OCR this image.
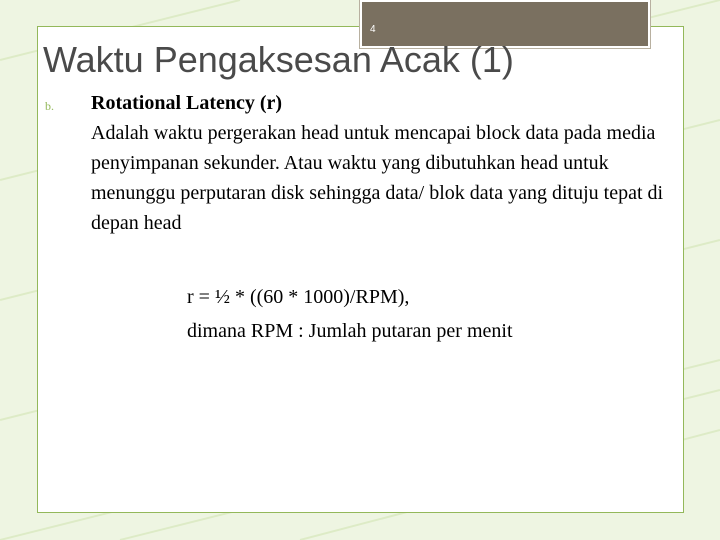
4
Waktu Pengaksesan Acak (1)
b. Rotational Latency (r)
Adalah waktu pergerakan head untuk mencapai block data pada media penyimpanan sekunder. Atau waktu yang dibutuhkan head untuk menunggu perputaran disk sehingga data/ blok data yang dituju tepat di depan head
r = ½ * ((60 * 1000)/RPM),
dimana RPM : Jumlah putaran per menit
